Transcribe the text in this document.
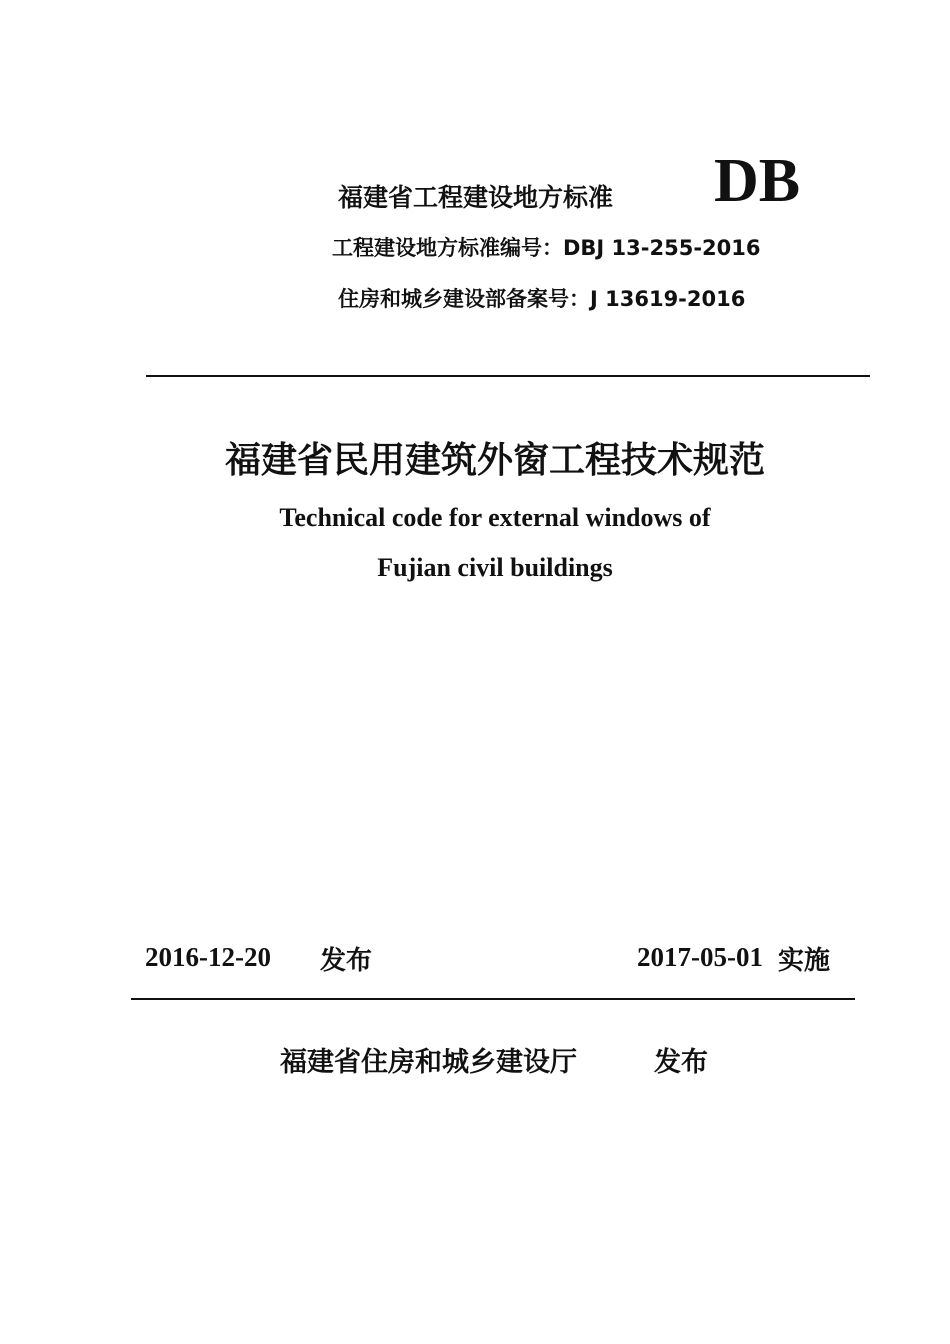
福建省工程建设地方标准 DB
工程建设地方标准编号：DBJ 13-255-2016
住房和城乡建设部备案号：J 13619-2016
福建省民用建筑外窗工程技术规范
Technical code for external windows of
Fujian civil buildings
2016-12-20 发布	2017-05-01 实施
福建省住房和城乡建设厅	发布
